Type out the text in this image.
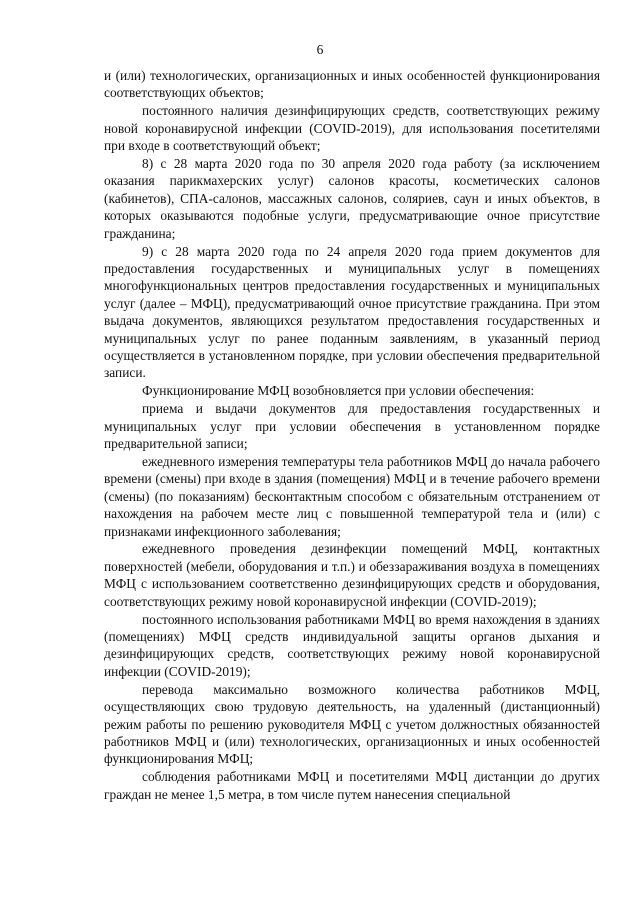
6

и (или) технологических, организационных и иных особенностей функционирования соответствующих объектов;

постоянного наличия дезинфицирующих средств, соответствующих режиму новой коронавирусной инфекции (COVID-2019), для использования посетителями при входе в соответствующий объект;

8) с 28 марта 2020 года по 30 апреля 2020 года работу (за исключением оказания парикмахерских услуг) салонов красоты, косметических салонов (кабинетов), СПА-салонов, массажных салонов, соляриев, саун и иных объектов, в которых оказываются подобные услуги, предусматривающие очное присутствие гражданина;

9) с 28 марта 2020 года по 24 апреля 2020 года прием документов для предоставления государственных и муниципальных услуг в помещениях многофункциональных центров предоставления государственных и муниципальных услуг (далее – МФЦ), предусматривающий очное присутствие гражданина. При этом выдача документов, являющихся результатом предоставления государственных и муниципальных услуг по ранее поданным заявлениям, в указанный период осуществляется в установленном порядке, при условии обеспечения предварительной записи.

Функционирование МФЦ возобновляется при условии обеспечения:

приема и выдачи документов для предоставления государственных и муниципальных услуг при условии обеспечения в установленном порядке предварительной записи;

ежедневного измерения температуры тела работников МФЦ до начала рабочего времени (смены) при входе в здания (помещения) МФЦ и в течение рабочего времени (смены) (по показаниям) бесконтактным способом с обязательным отстранением от нахождения на рабочем месте лиц с повышенной температурой тела и (или) с признаками инфекционного заболевания;

ежедневного проведения дезинфекции помещений МФЦ, контактных поверхностей (мебели, оборудования и т.п.) и обеззараживания воздуха в помещениях МФЦ с использованием соответственно дезинфицирующих средств и оборудования, соответствующих режиму новой коронавирусной инфекции (COVID-2019);

постоянного использования работниками МФЦ во время нахождения в зданиях (помещениях) МФЦ средств индивидуальной защиты органов дыхания и дезинфицирующих средств, соответствующих режиму новой коронавирусной инфекции (COVID-2019);

перевода максимально возможного количества работников МФЦ, осуществляющих свою трудовую деятельность, на удаленный (дистанционный) режим работы по решению руководителя МФЦ с учетом должностных обязанностей работников МФЦ и (или) технологических, организационных и иных особенностей функционирования МФЦ;

соблюдения работниками МФЦ и посетителями МФЦ дистанции до других граждан не менее 1,5 метра, в том числе путем нанесения специальной
